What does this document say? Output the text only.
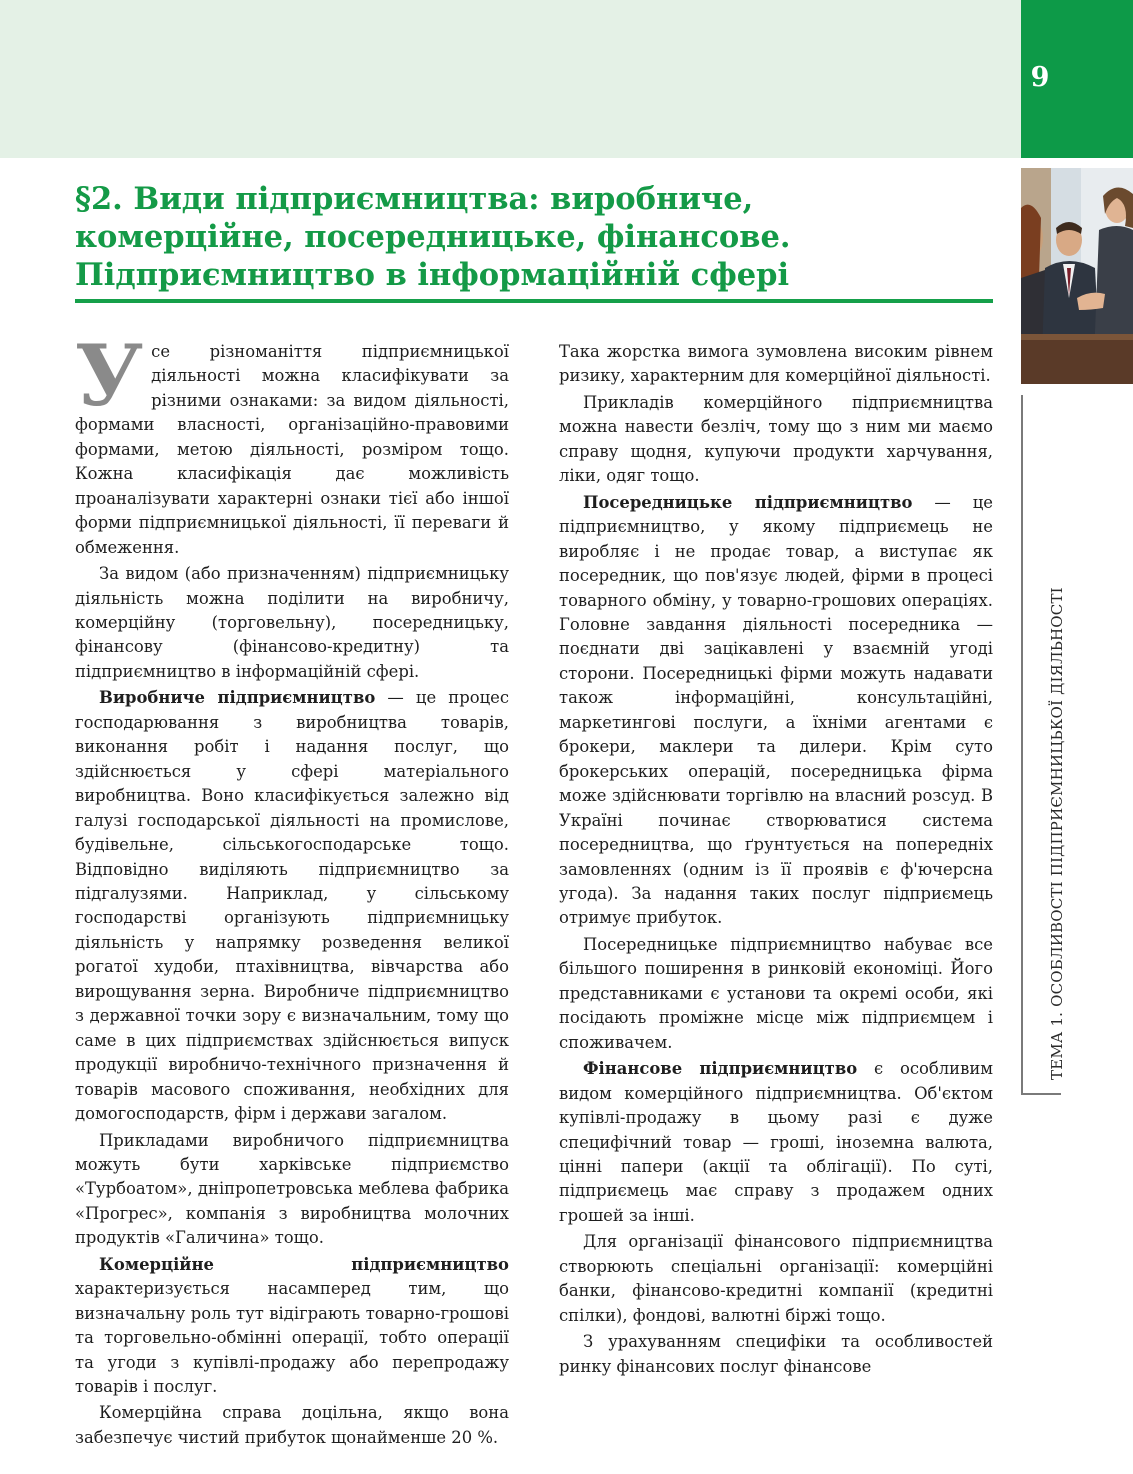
9
ТЕМА 1. ОСОБЛИВОСТІ ПІДПРИЄМНИЦЬКОЇ ДІЯЛЬНОСТІ
§2. Види підприємництва: виробниче,
комерційне, посередницьке, фінансове.
Підприємництво в інформаційній сфері

Усе різноманіття підприємницької діяльності можна класифікувати за різними ознаками: за видом діяльності, формами власності, організаційно-правовими формами, метою діяльності, розміром тощо. Кожна класифікація дає можливість проаналізувати характерні ознаки тієї або іншої форми підприємницької діяльності, її переваги й обмеження.

За видом (або призначенням) підприємницьку діяльність можна поділити на виробничу, комерційну (торговельну), посередницьку, фінансову (фінансово-кредитну) та підприємництво в інформаційній сфері.

Виробниче підприємництво — це процес господарювання з виробництва товарів, виконання робіт і надання послуг, що здійснюється у сфері матеріального виробництва. Воно класифікується залежно від галузі господарської діяльності на промислове, будівельне, сільськогосподарське тощо. Відповідно виділяють підприємництво за підгалузями. Наприклад, у сільському господарстві організують підприємницьку діяльність у напрямку розведення великої рогатої худоби, птахівництва, вівчарства або вирощування зерна. Виробниче підприємництво з державної точки зору є визначальним, тому що саме в цих підприємствах здійснюється випуск продукції виробничо-технічного призначення й товарів масового споживання, необхідних для домогосподарств, фірм і держави загалом.

Прикладами виробничого підприємництва можуть бути харківське підприємство «Турбоатом», дніпропетровська меблева фабрика «Прогрес», компанія з виробництва молочних продуктів «Галичина» тощо.

Комерційне підприємництво характеризується насамперед тим, що визначальну роль тут відіграють товарно-грошові та торговельно-обмінні операції, тобто операції та угоди з купівлі-продажу або перепродажу товарів і послуг.

Комерційна справа доцільна, якщо вона забезпечує чистий прибуток щонайменше 20 %.

Така жорстка вимога зумовлена високим рівнем ризику, характерним для комерційної діяльності.

Прикладів комерційного підприємництва можна навести безліч, тому що з ним ми маємо справу щодня, купуючи продукти харчування, ліки, одяг тощо.

Посередницьке підприємництво — це підприємництво, у якому підприємець не виробляє і не продає товар, а виступає як посередник, що пов'язує людей, фірми в процесі товарного обміну, у товарно-грошових операціях. Головне завдання діяльності посередника — поєднати дві зацікавлені у взаємній угоді сторони. Посередницькі фірми можуть надавати також інформаційні, консультаційні, маркетингові послуги, а їхніми агентами є брокери, маклери та дилери. Крім суто брокерських операцій, посередницька фірма може здійснювати торгівлю на власний розсуд. В Україні починає створюватися система посередництва, що ґрунтується на попередніх замовленнях (одним із її проявів є ф'ючерсна угода). За надання таких послуг підприємець отримує прибуток.

Посередницьке підприємництво набуває все більшого поширення в ринковій економіці. Його представниками є установи та окремі особи, які посідають проміжне місце між підприємцем і споживачем.

Фінансове підприємництво є особливим видом комерційного підприємництва. Об'єктом купівлі-продажу в цьому разі є дуже специфічний товар — гроші, іноземна валюта, цінні папери (акції та облігації). По суті, підприємець має справу з продажем одних грошей за інші.

Для організації фінансового підприємництва створюють спеціальні організації: комерційні банки, фінансово-кредитні компанії (кредитні спілки), фондові, валютні біржі тощо.

З урахуванням специфіки та особливостей ринку фінансових послуг фінансове
